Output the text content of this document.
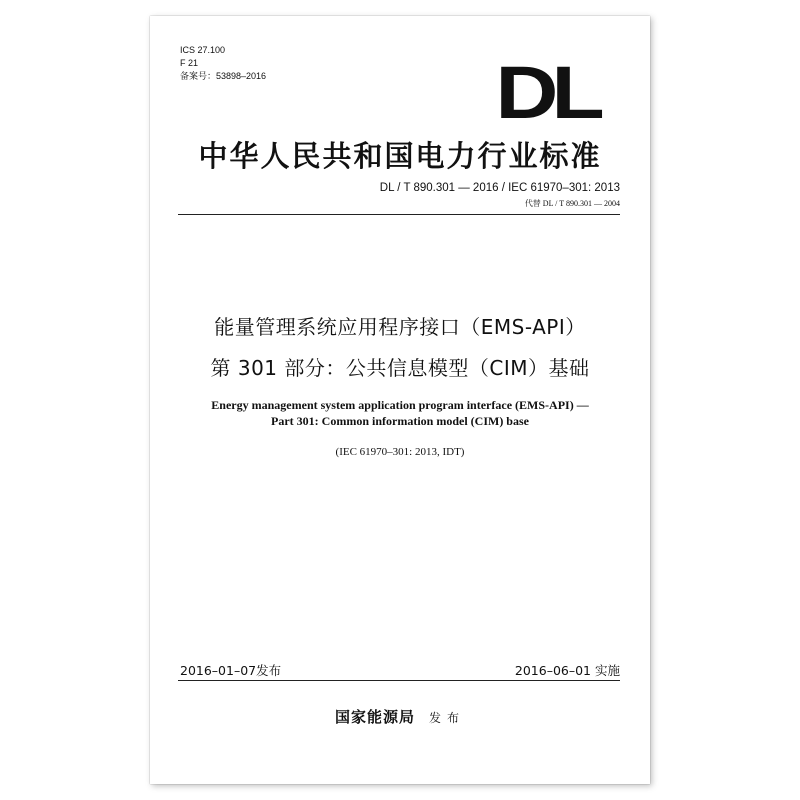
ICS 27.100
F 21
备案号：53898–2016	DL
中华人民共和国电力行业标准
DL / T 890.301 — 2016 / IEC 61970–301: 2013
代替 DL / T 890.301 — 2004
能量管理系统应用程序接口（EMS-API）
第 301 部分：公共信息模型（CIM）基础
Energy management system application program interface (EMS-API) —
Part 301: Common information model (CIM) base
(IEC 61970–301: 2013, IDT)
2016–01–07发布	2016–06–01 实施
国家能源局 发布
